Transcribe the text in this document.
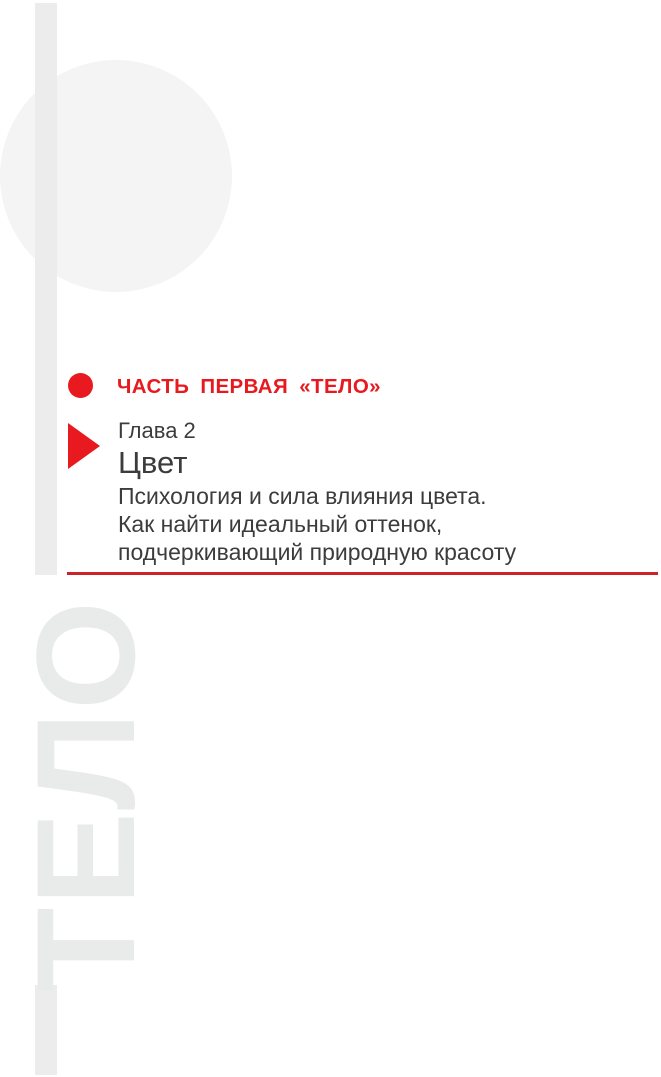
ТЕЛО
ЧАСТЬ ПЕРВАЯ «ТЕЛО»
Глава 2
Цвет
Психология и сила влияния цвета.
Как найти идеальный оттенок,
подчеркивающий природную красоту
